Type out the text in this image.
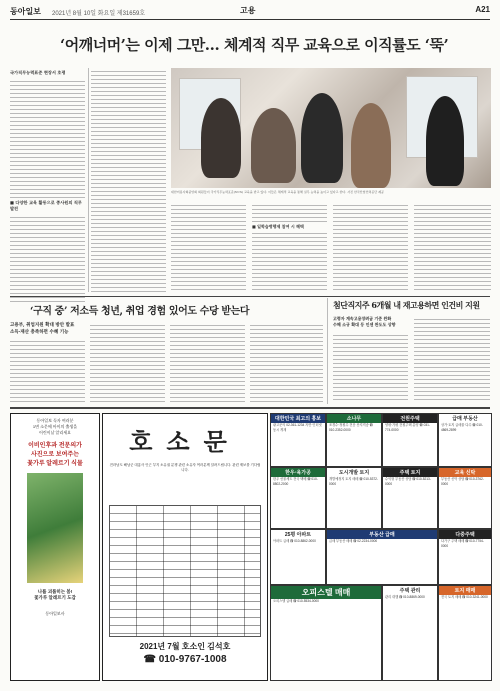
동아일보 2021년 8월 10일 화요일 제31659호	고용	A21
‘어깨너머’는 이제 그만… 체계적 직무 교육으로 이직률도 ‘뚝’
국가직무능력표준 현장서 호평
■ 다양한 교육 활동으로 종사원의 직무 발전
대한미용사회중앙회 회원들이 국가직무능력표준(NCS) 교육을 받고 있다. 이들은 체계적 교육을 통해 실무 능력을 높이고 있다고 한다. 사진 한국산업인력공단 제공
■ 일학습병행제 참여 시 혜택
‘구직 중’ 저소득 청년, 취업 경험 있어도 수당 받는다
고용부, 취업지원 확대 방안 발표
소득·재산 충족하면 수혜 기능
첨단직지주 6개월 내 재고용하면 인건비 지원
고령자 계속고용장려금 기준 완화
수혜 소규 확대 등 인센 완도도 상향
동아일보 독자 여러분
1면 소문에 아이의 출생을
어린이날 알리세요
이비인후과 전문의가
사진으로 보여주는
꽃가루 알레르기 식물
나를 괴롭히는 봄!
꽃가루 알레르기 도감
동아일보사
호소문
전라남도 해남군 대흥사 인근 부지 소유권 분쟁 관련 소유자 여러분께 알려드립니다. 관련 제보를 기다립니다.
2021년 7월 호소인 김석호
☎ 010-9767-1008
대한민국 최고의 홍보
광고문의 02-361-1234 지면·인터넷 동시 게재
소나무
조경수·정원수 전문 산지직송 ☎ 010-2352-0000
전원주택
양평·가평 전원주택 분양 ☎ 031-774-0000
급매 부동산
상가·토지 급매물 다수 ☎ 010-4869-2899
한우·육가공
한우 선물세트 전국 택배 ☎ 010-8802-2000
도시개발 토지
개발예정지 토지 매매 ☎ 010-5372-0000
주택 토지
수익형 부동산 상담 ☎ 010-5213-0000
교육 신탁
부동산 신탁 상담 ☎ 010-3762-0000
25평 아파트
아파트 급매 ☎ 010-8862-0000
부동산 급매
급매 부동산 매매 ☎ 02-2234-0000
다중주택
다가구 주택 매매 ☎ 010-7754-0000
오피스텔 매매
오피스텔 급매 ☎ 010-5534-0000
주택 관리
관리 대행 ☎ 010-8869-0000
토지 매매
전국 토지 매매 ☎ 010-3241-0000
